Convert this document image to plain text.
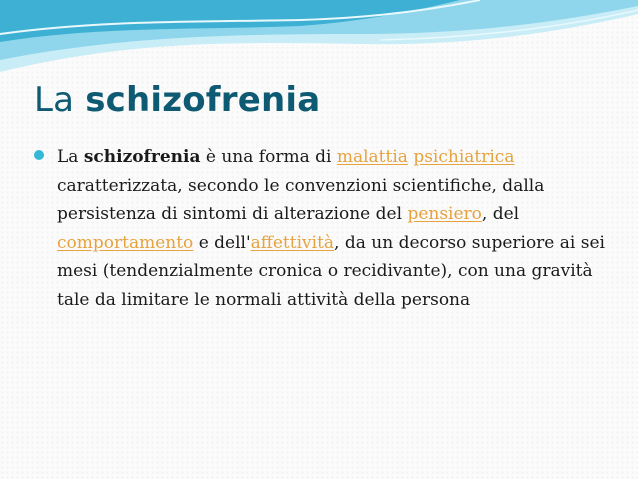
La schizofrenia

La schizofrenia è una forma di malattia psichiatrica caratterizzata, secondo le convenzioni scientifiche, dalla persistenza di sintomi di alterazione del pensiero, del comportamento e dell'affettività, da un decorso superiore ai sei mesi (tendenzialmente cronica o recidivante), con una gravità tale da limitare le normali attività della persona
